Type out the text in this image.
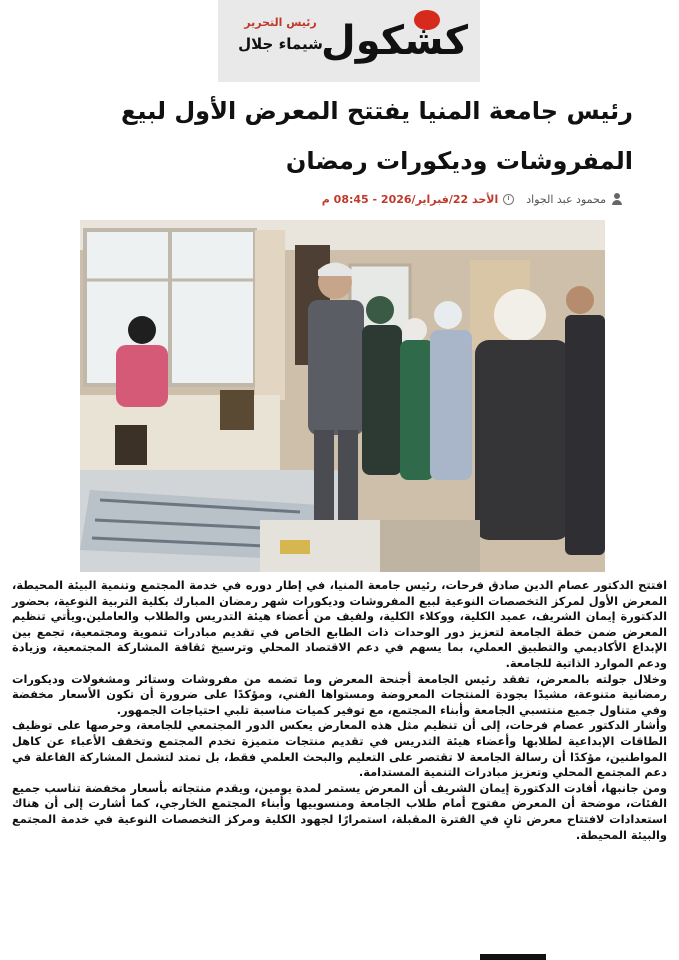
كشكول
رئيس التحرير
شيماء جلال
رئيس جامعة المنيا يفتتح المعرض الأول لبيع المفروشات وديكورات رمضان
محمود عبد الجواد
الأحد 22/فبراير/2026 - 08:45 م

افتتح الدكتور عصام الدين صادق فرحات، رئيس جامعة المنيا، في إطار دوره في خدمة المجتمع وتنمية البيئة المحيطة، المعرض الأول لمركز التخصصات النوعية لبيع المفروشات وديكورات شهر رمضان المبارك بكلية التربية النوعية، بحضور الدكتورة إيمان الشريف، عميد الكلية، ووكلاء الكلية، ولفيف من أعضاء هيئة التدريس والطلاب والعاملين.ويأتي تنظيم المعرض ضمن خطة الجامعة لتعزيز دور الوحدات ذات الطابع الخاص في تقديم مبادرات تنموية ومجتمعية، تجمع بين الإبداع الأكاديمي والتطبيق العملي، بما يسهم في دعم الاقتصاد المحلي وترسيخ ثقافة المشاركة المجتمعية، وزيادة ودعم الموارد الذاتية للجامعة.

وخلال جولته بالمعرض، تفقد رئيس الجامعة أجنحة المعرض وما تضمه من مفروشات وستائر ومشغولات وديكورات رمضانية متنوعة، مشيدًا بجودة المنتجات المعروضة ومستواها الفني، ومؤكدًا على ضرورة أن تكون الأسعار مخفضة وفي متناول جميع منتسبي الجامعة وأبناء المجتمع، مع توفير كميات مناسبة تلبي احتياجات الجمهور.

وأشار الدكتور عصام فرحات، إلى أن تنظيم مثل هذه المعارض يعكس الدور المجتمعي للجامعة، وحرصها على توظيف الطاقات الإبداعية لطلابها وأعضاء هيئة التدريس في تقديم منتجات متميزة تخدم المجتمع وتخفف الأعباء عن كاهل المواطنين، مؤكدًا أن رسالة الجامعة لا تقتصر على التعليم والبحث العلمي فقط، بل تمتد لتشمل المشاركة الفاعلة في دعم المجتمع المحلي وتعزيز مبادرات التنمية المستدامة.

ومن جانبها، أفادت الدكتورة إيمان الشريف أن المعرض يستمر لمدة يومين، ويقدم منتجاته بأسعار مخفضة تناسب جميع الفئات، موضحة أن المعرض مفتوح أمام طلاب الجامعة ومنسوبيها وأبناء المجتمع الخارجي، كما أشارت إلى أن هناك استعدادات لافتتاح معرض ثانٍ في الفترة المقبلة، استمرارًا لجهود الكلية ومركز التخصصات النوعية في خدمة المجتمع والبيئة المحيطة.
